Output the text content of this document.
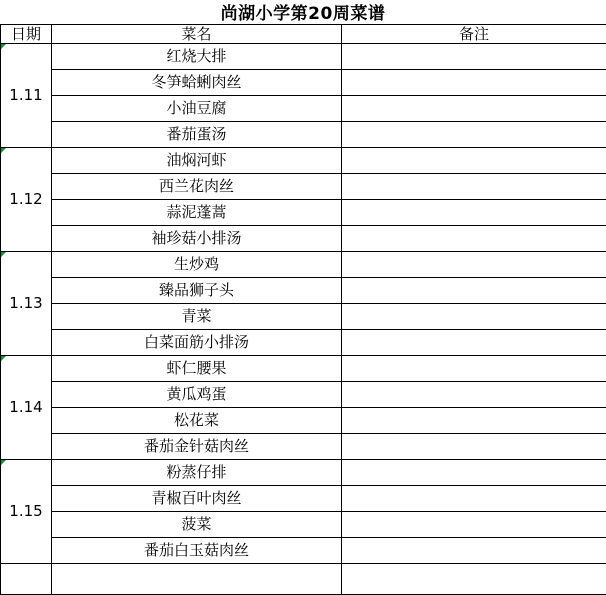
尚湖小学第20周菜谱
日期	菜名	备注

1.11	红烧大排	
	冬笋蛤蜊肉丝	
	小油豆腐	
	番茄蛋汤	

1.12	油焖河虾	
	西兰花肉丝	
	蒜泥蓬蒿	
	袖珍菇小排汤	

1.13	生炒鸡	
	臻品狮子头	
	青菜	
	白菜面筋小排汤	

1.14	虾仁腰果	
	黄瓜鸡蛋	
	松花菜	
	番茄金针菇肉丝	

1.15	粉蒸仔排	
	青椒百叶肉丝	
	菠菜	
	番茄白玉菇肉丝	
